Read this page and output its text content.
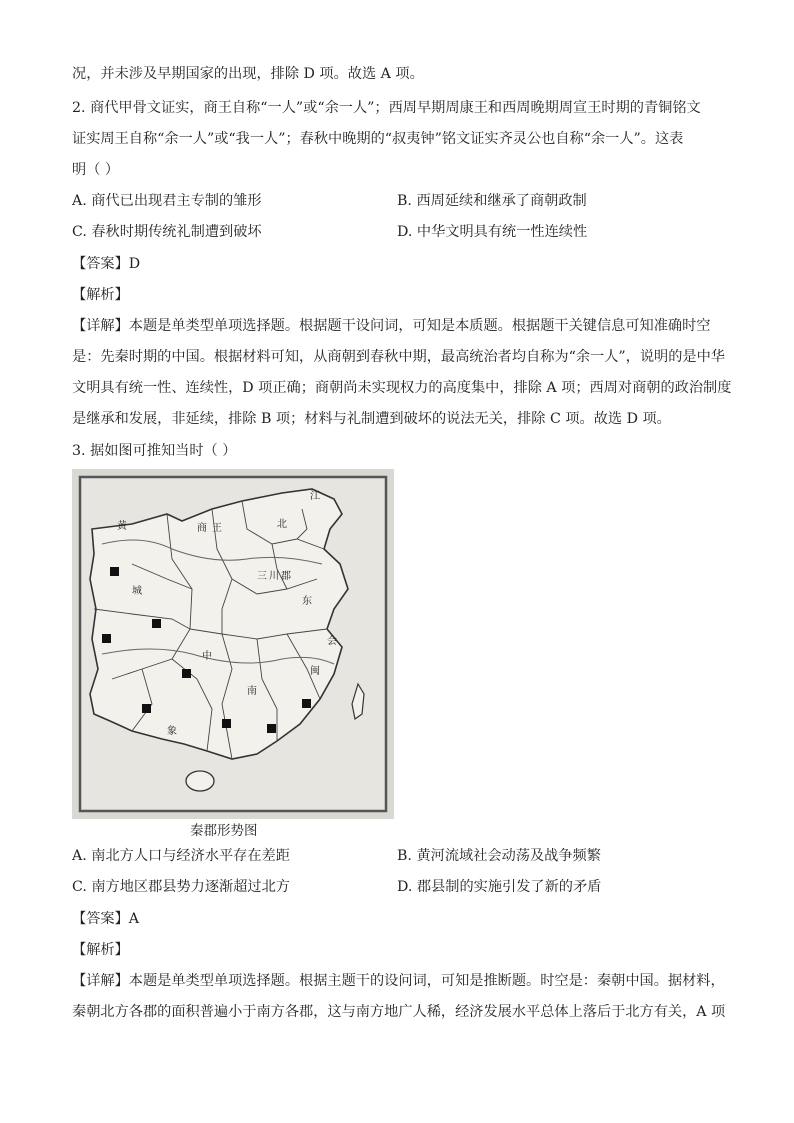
况，并未涉及早期国家的出现，排除 D 项。故选 A 项。
2. 商代甲骨文证实，商王自称“一人”或“余一人”；西周早期周康王和西周晚期周宣王时期的青铜铭文
证实周王自称“余一人”或“我一人”；春秋中晚期的“叔夷钟”铭文证实齐灵公也自称“余一人”。这表
明（ ）
A. 商代已出现君主专制的雏形	B. 西周延续和继承了商朝政制
C. 春秋时期传统礼制遭到破坏	D. 中华文明具有统一性连续性
【答案】D
【解析】
【详解】本题是单类型单项选择题。根据题干设问词，可知是本质题。根据题干关键信息可知准确时空
是：先秦时期的中国。根据材料可知，从商朝到春秋中期，最高统治者均自称为“余一人”，说明的是中华
文明具有统一性、连续性，D 项正确；商朝尚未实现权力的高度集中，排除 A 项；西周对商朝的政治制度
是继承和发展，非延续，排除 B 项；材料与礼制遭到破坏的说法无关，排除 C 项。故选 D 项。
3. 据如图可推知当时（ ）
商 王
三 川 郡
江
中
城
东
南
闽
象
黄	北
会
秦郡形势图
A. 南北方人口与经济水平存在差距	B. 黄河流域社会动荡及战争频繁
C. 南方地区郡县势力逐渐超过北方	D. 郡县制的实施引发了新的矛盾
【答案】A
【解析】
【详解】本题是单类型单项选择题。根据主题干的设问词，可知是推断题。时空是：秦朝中国。据材料，
秦朝北方各郡的面积普遍小于南方各郡，这与南方地广人稀，经济发展水平总体上落后于北方有关，A 项
